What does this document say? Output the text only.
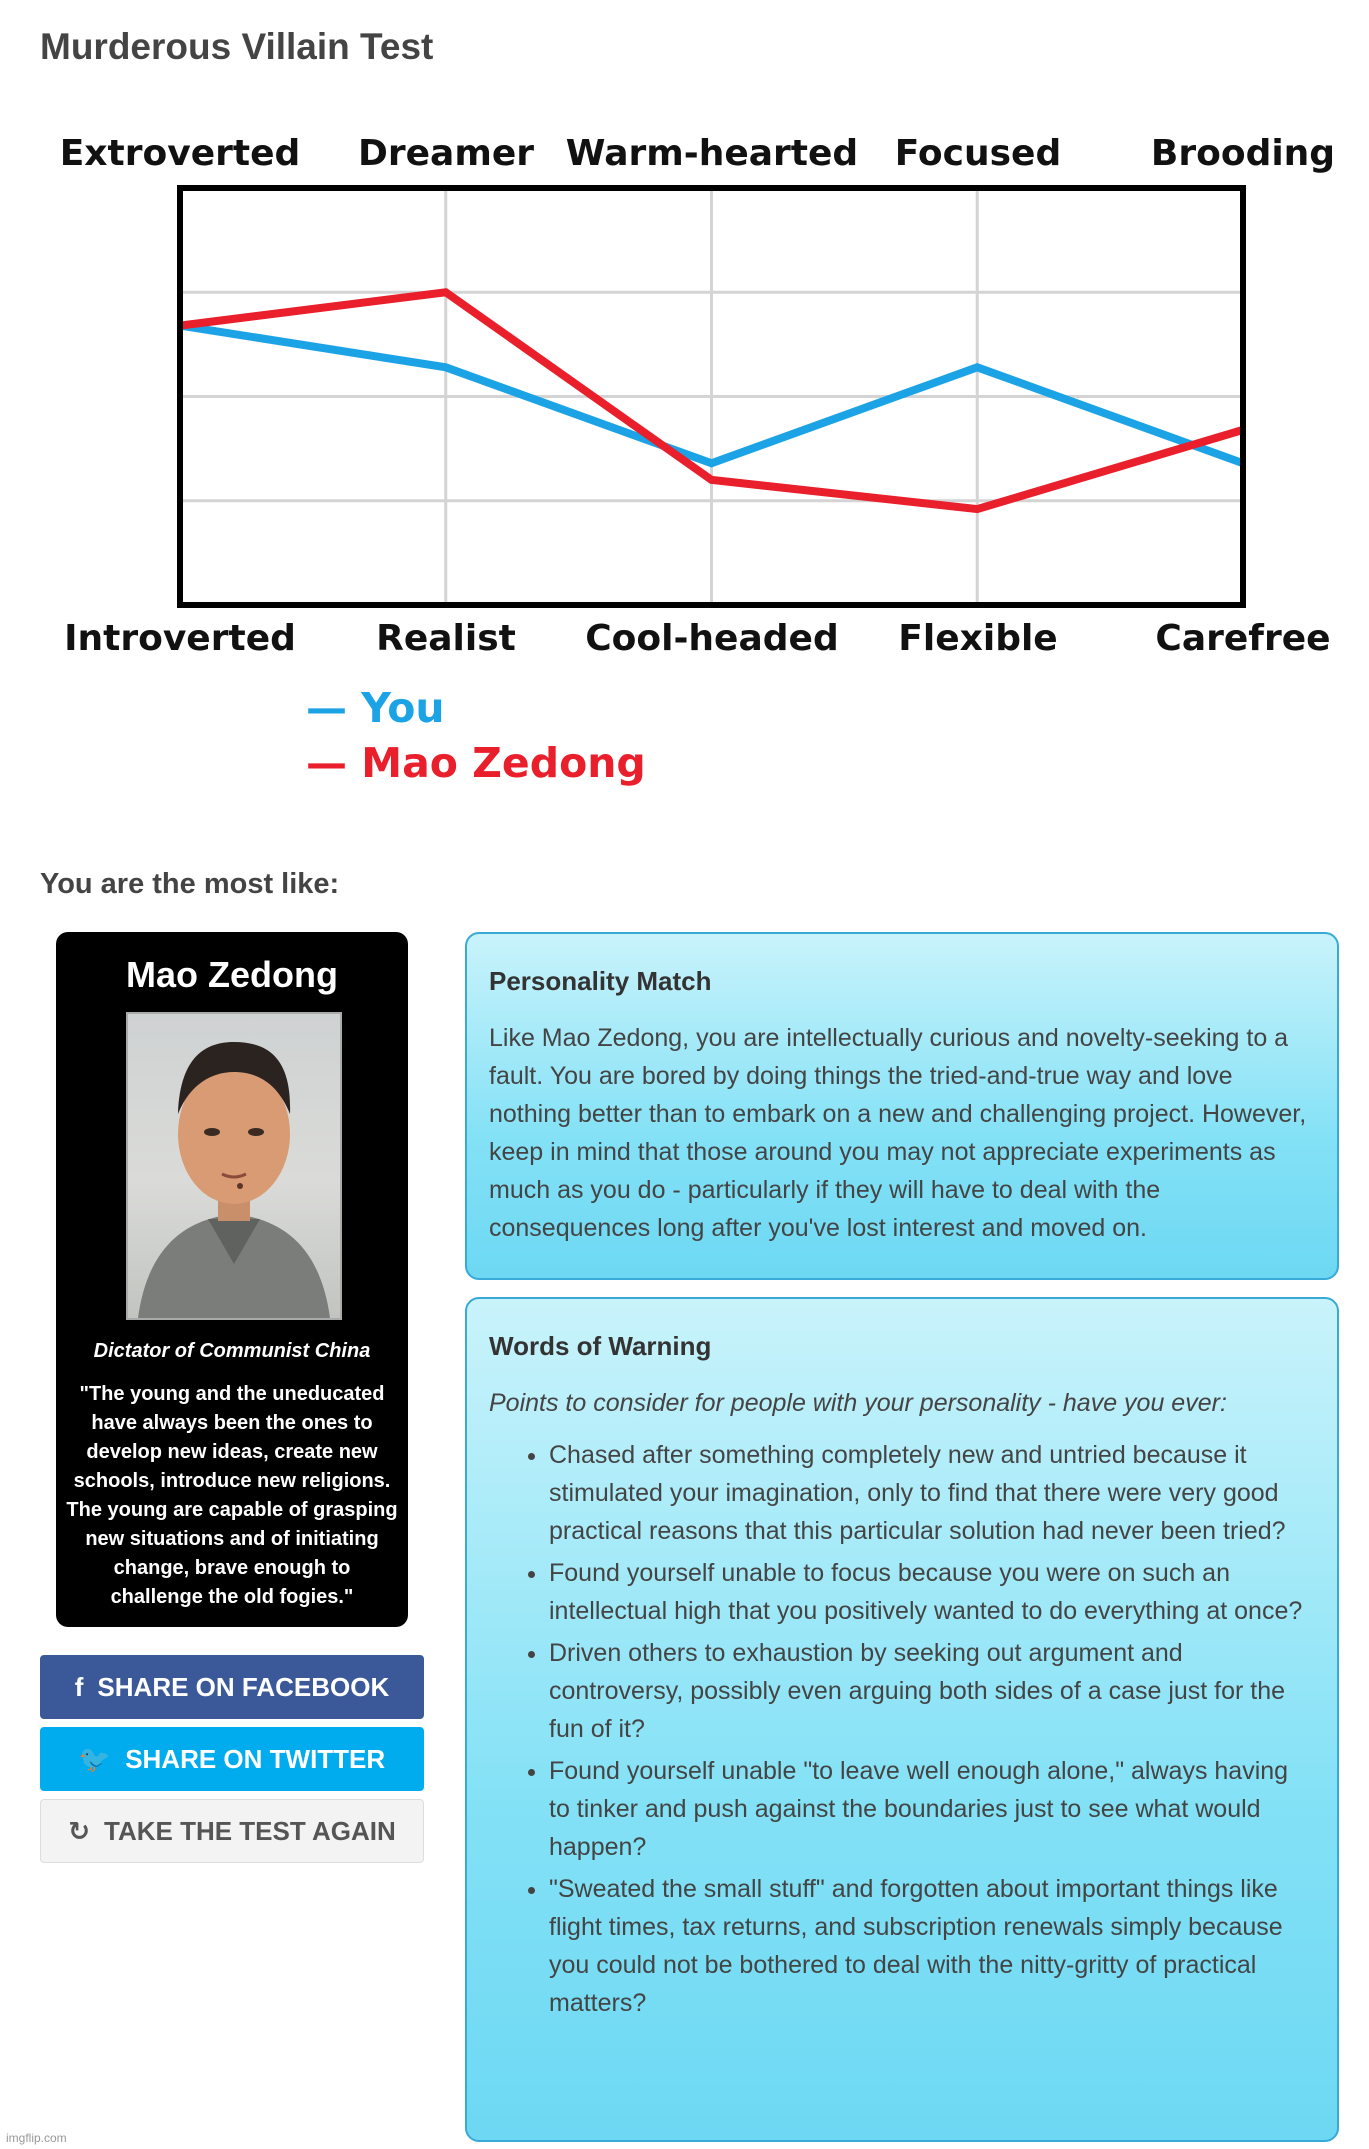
Murderous Villain Test
Extroverted Dreamer Warm-hearted Focused Brooding
Introverted Realist Cool-headed Flexible	Carefree
— You
— Mao Zedong
You are the most like:
Mao Zedong
Dictator of Communist China
"The young and the uneducated have always been the ones to develop new ideas, create new schools, introduce new religions. The young are capable of grasping new situations and of initiating change, brave enough to challenge the old fogies."
f SHARE ON FACEBOOK
🐦 SHARE ON TWITTER
↻ TAKE THE TEST AGAIN
Personality Match

Like Mao Zedong, you are intellectually curious and novelty-seeking to a fault. You are bored by doing things the tried-and-true way and love nothing better than to embark on a new and challenging project. However, keep in mind that those around you may not appreciate experiments as much as you do - particularly if they will have to deal with the consequences long after you've lost interest and moved on.

Words of Warning

Points to consider for people with your personality - have you ever:

• Chased after something completely new and untried because it stimulated your imagination, only to find that there were very good practical reasons that this particular solution had never been tried?
• Found yourself unable to focus because you were on such an intellectual high that you positively wanted to do everything at once?
• Driven others to exhaustion by seeking out argument and controversy, possibly even arguing both sides of a case just for the fun of it?
• Found yourself unable "to leave well enough alone," always having to tinker and push against the boundaries just to see what would happen?
• "Sweated the small stuff" and forgotten about important things like flight times, tax returns, and subscription renewals simply because you could not be bothered to deal with the nitty-gritty of practical matters?
imgflip.com
